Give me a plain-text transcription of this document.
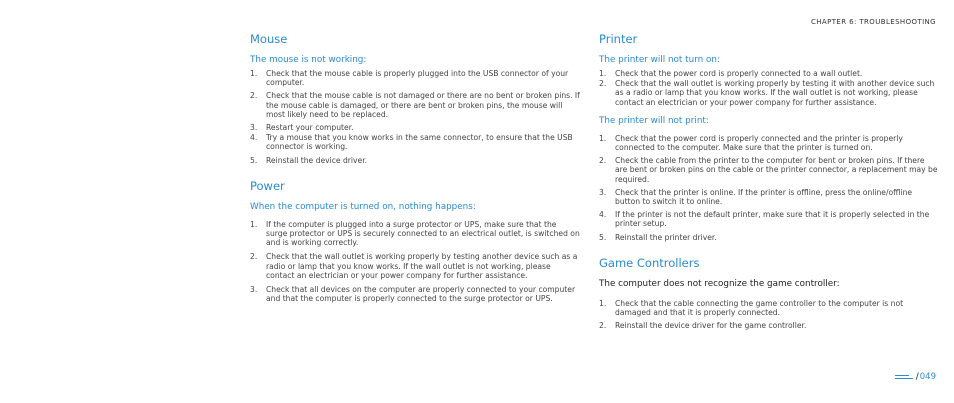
CHAPTER 6: TROUBLESHOOTING
Mouse
The mouse is not working:
1. Check that the mouse cable is properly plugged into the USB connector of your computer.
2. Check that the mouse cable is not damaged or there are no bent or broken pins. If the mouse cable is damaged, or there are bent or broken pins, the mouse will most likely need to be replaced.
3. Restart your computer.
4. Try a mouse that you know works in the same connector, to ensure that the USB connector is working.
5. Reinstall the device driver.
Power
When the computer is turned on, nothing happens:
1. If the computer is plugged into a surge protector or UPS, make sure that the surge protector or UPS is securely connected to an electrical outlet, is switched on and is working correctly.
2. Check that the wall outlet is working properly by testing another device such as a radio or lamp that you know works. If the wall outlet is not working, please contact an electrician or your power company for further assistance.
3. Check that all devices on the computer are properly connected to your computer and that the computer is properly connected to the surge protector or UPS.
Printer
The printer will not turn on:
1. Check that the power cord is properly connected to a wall outlet.
2. Check that the wall outlet is working properly by testing it with another device such as a radio or lamp that you know works. If the wall outlet is not working, please contact an electrician or your power company for further assistance.
The printer will not print:
1. Check that the power cord is properly connected and the printer is properly connected to the computer. Make sure that the printer is turned on.
2. Check the cable from the printer to the computer for bent or broken pins. If there are bent or broken pins on the cable or the printer connector, a replacement may be required.
3. Check that the printer is online. If the printer is offline, press the online/offline button to switch it to online.
4. If the printer is not the default printer, make sure that it is properly selected in the printer setup.
5. Reinstall the printer driver.
Game Controllers
The computer does not recognize the game controller:
1. Check that the cable connecting the game controller to the computer is not damaged and that it is properly connected.
2. Reinstall the device driver for the game controller.
/ 049
